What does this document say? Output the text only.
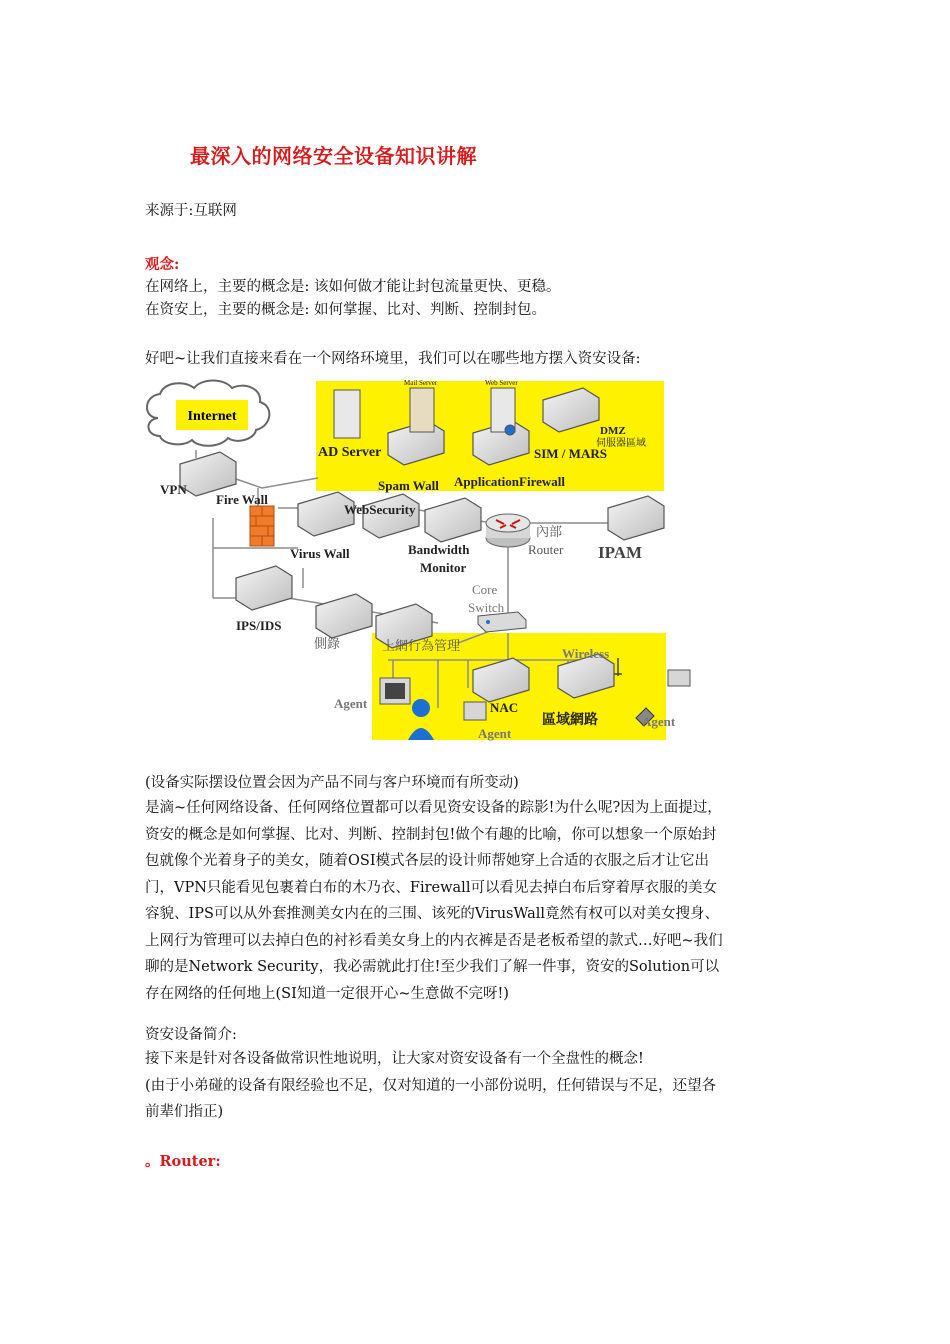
最深入的网络安全设备知识讲解
来源于:互联网
观念:
在网络上，主要的概念是: 该如何做才能让封包流量更快、更稳。
在资安上，主要的概念是: 如何掌握、比对、判断、控制封包。
好吧~让我们直接来看在一个网络环境里，我们可以在哪些地方摆入资安设备:
Internet
VPN
Fire Wall
AD Server
Mail Server	Web Server
Spam Wall ApplicationFirewall
SIM / MARS
DMZ
伺服器區域
WebSecurity
Virus Wall	Bandwidth
Monitor
內部
Router IPAM
Core
Switch
IPS/IDS
側錄	上網行為管理
Wireless
NAC
Agent
Agent
Agent
區域網路
(设备实际摆设位置会因为产品不同与客户环境而有所变动)
是滴~任何网络设备、任何网络位置都可以看见资安设备的踪影!为什么呢?因为上面提过，
资安的概念是如何掌握、比对、判断、控制封包!做个有趣的比喻，你可以想象一个原始封
包就像个光着身子的美女，随着OSI模式各层的设计师帮她穿上合适的衣服之后才让它出
门，VPN只能看见包裹着白布的木乃衣、Firewall可以看见去掉白布后穿着厚衣服的美女
容貌、IPS可以从外套推测美女内在的三围、该死的VirusWall竟然有权可以对美女搜身、
上网行为管理可以去掉白色的衬衫看美女身上的内衣裤是否是老板希望的款式…好吧~我们
聊的是Network Security，我必需就此打住!至少我们了解一件事，资安的Solution可以
存在网络的任何地上(SI知道一定很开心~生意做不完呀!)
资安设备简介:
接下来是针对各设备做常识性地说明，让大家对资安设备有一个全盘性的概念!
(由于小弟碰的设备有限经验也不足，仅对知道的一小部份说明，任何错误与不足，还望各
前辈们指正)
。Router:
